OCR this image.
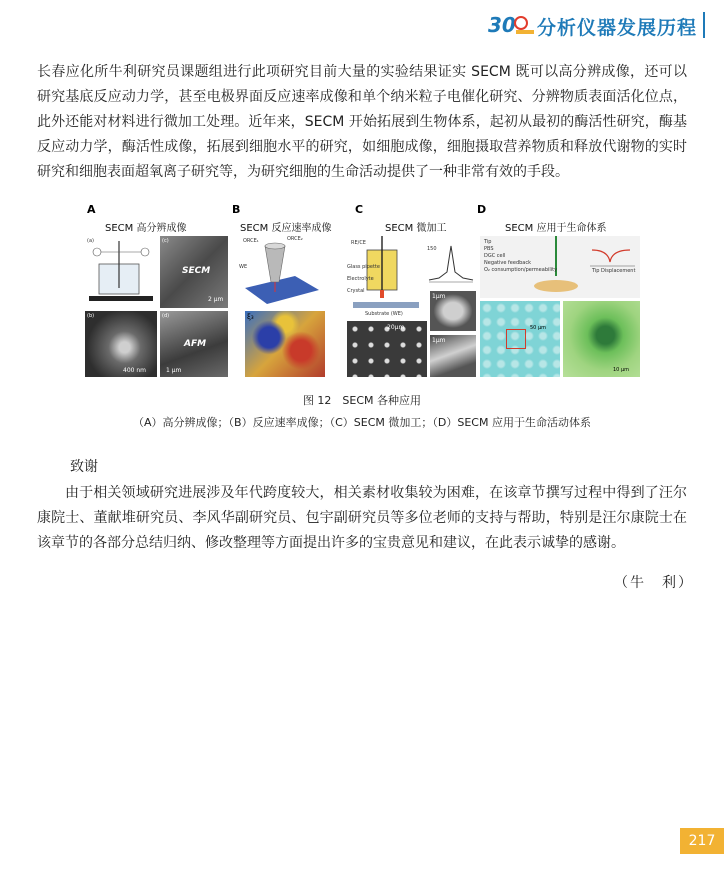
30 分析仪器发展历程

长春应化所牛利研究员课题组进行此项研究目前大量的实验结果证实 SECM 既可以高分辨成像，还可以研究基底反应动力学，甚至电极界面反应速率成像和单个纳米粒子电催化研究、分辨物质表面活化位点，此外还能对材料进行微加工处理。近年来，SECM 开始拓展到生物体系，起初从最初的酶活性研究，酶基反应动力学，酶活性成像，拓展到细胞水平的研究，如细胞成像，细胞摄取营养物质和释放代谢物的实时研究和细胞表面超氧离子研究等，为研究细胞的生命活动提供了一种非常有效的手段。

A
SECM 高分辨成像
(a)	(c)
SECM
2 μm
(b)
400 nm
(d)
AFM
1 μm
B
SECM 反应速率成像
ORCE₁	ORCE₂
WE
ξ₃
C
SECM 微加工
RE/CE
Glass pipette
Electrolyte
Crystal
Substrate (WE)
150
20μm
1μm
1μm
D
SECM 应用于生命体系
Tip
PBS
DGC cell
Negative feedback
O₂ consumption/permeability	Tip Displacement
50 μm
10 μm

图 12　SECM 各种应用

（A）高分辨成像；（B）反应速率成像；（C）SECM 微加工；（D）SECM 应用于生命活动体系

致谢

由于相关领域研究进展涉及年代跨度较大，相关素材收集较为困难，在该章节撰写过程中得到了汪尔康院士、董献堆研究员、李风华副研究员、包宇副研究员等多位老师的支持与帮助，特别是汪尔康院士在该章节的各部分总结归纳、修改整理等方面提出许多的宝贵意见和建议，在此表示诚挚的感谢。

（牛　利）

217
